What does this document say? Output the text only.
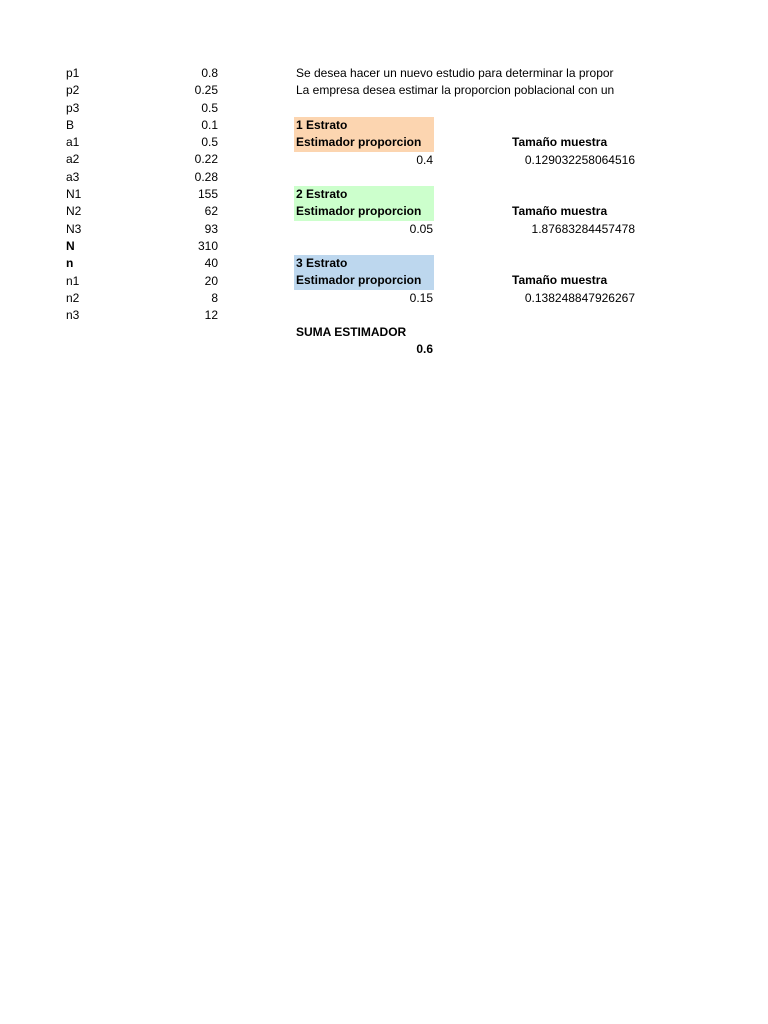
p1	0.8
p2	0.25
p3	0.5
B	0.1
a1	0.5
a2	0.22
a3	0.28
N1	155
N2	62
N3	93
N	310
n	40
n1	20
n2	8
n3	12
Se desea hacer un nuevo estudio para determinar la propor
La empresa desea estimar la proporcion poblacional con un
1 Estrato
Estimador proporcion	Tamaño muestra
0.4	0.129032258064516
2 Estrato
Estimador proporcion	Tamaño muestra
0.05	1.87683284457478
3 Estrato
Estimador proporcion	Tamaño muestra
0.15	0.138248847926267
SUMA ESTIMADOR
0.6
